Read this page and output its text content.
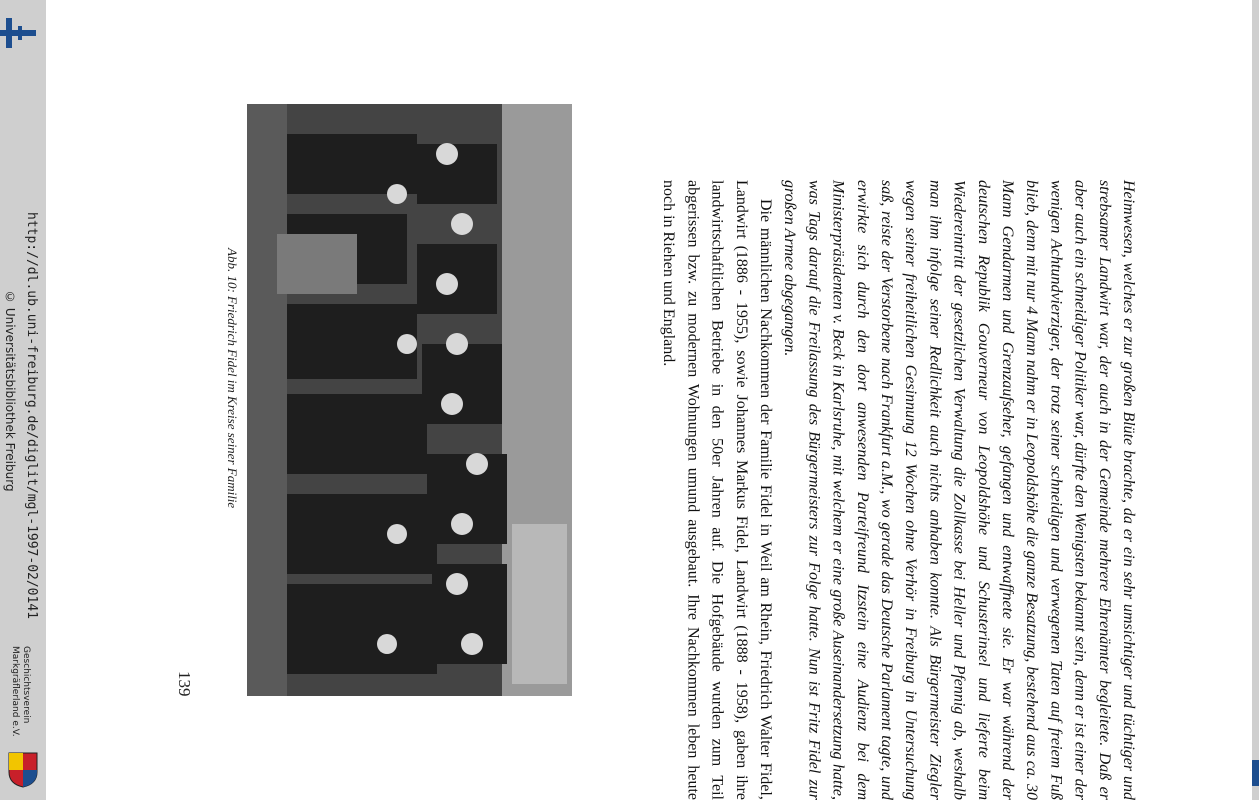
http://dl.ub.uni-freiburg.de/diglit/mgl-1997-02/0141
© Universitätsbibliothek Freiburg
Geschichtsverein
Markgräflerland e.V.	Heimwesen, welches er zur großen Blüte brachte, da er ein sehr umsichtiger und tüchtiger und strebsamer Landwirt war, der auch in der Gemeinde mehrere Ehrenämter begleitete. Daß er aber auch ein schneidiger Politiker war, dürfte den Wenigsten bekannt sein, denn er ist einer der wenigen Achtundvierziger, der trotz seiner schneidigen und verwegenen Taten auf freiem Fuß blieb, denn mit nur 4 Mann nahm er in Leopoldshöhe die ganze Besatzung, bestehend aus ca. 30 Mann Gendarmen und Grenzaufseher, gefangen und entwaffnete sie. Er war während der deutschen Republik Gouverneur von Leopoldshöhe und Schusterinsel und lieferte beim Wiedereintritt der gesetzlichen Verwaltung die Zollkasse bei Heller und Pfennig ab, weshalb man ihm infolge seiner Redlichkeit auch nichts anhaben konnte. Als Bürgermeister Ziegler wegen seiner freiheitlichen Gesinnung 12 Wochen ohne Verhör in Freiburg in Untersuchung saß, reiste der Verstorbene nach Frankfurt a.M., wo gerade das Deutsche Parlament tagte, und erwirkte sich durch den dort anwesenden Parteifreund Itzstein eine Audienz bei dem Ministerpräsidenten v. Beck in Karlsruhe, mit welchem er eine große Auseinandersetzung hatte, was Tags darauf die Freilassung des Bürgermeisters zur Folge hatte. Nun ist Fritz Fidel zur großen Armee abgegangen.

Die männlichen Nachkommen der Familie Fidel in Weil am Rhein, Friedrich Walter Fidel, Landwirt (1886 - 1955), sowie Johannes Markus Fidel, Landwirt (1888 - 1958), gaben ihre landwirtschaftlichen Betriebe in den 50er Jahren auf. Die Hofgebäude wurden zum Teil abgerissen bzw. zu modernen Wohnungen umund ausgebaut. Ihre Nachkommen leben heute noch in Riehen und England.

Abb. 10: Friedrich Fidel im Kreise seiner Familie
139
